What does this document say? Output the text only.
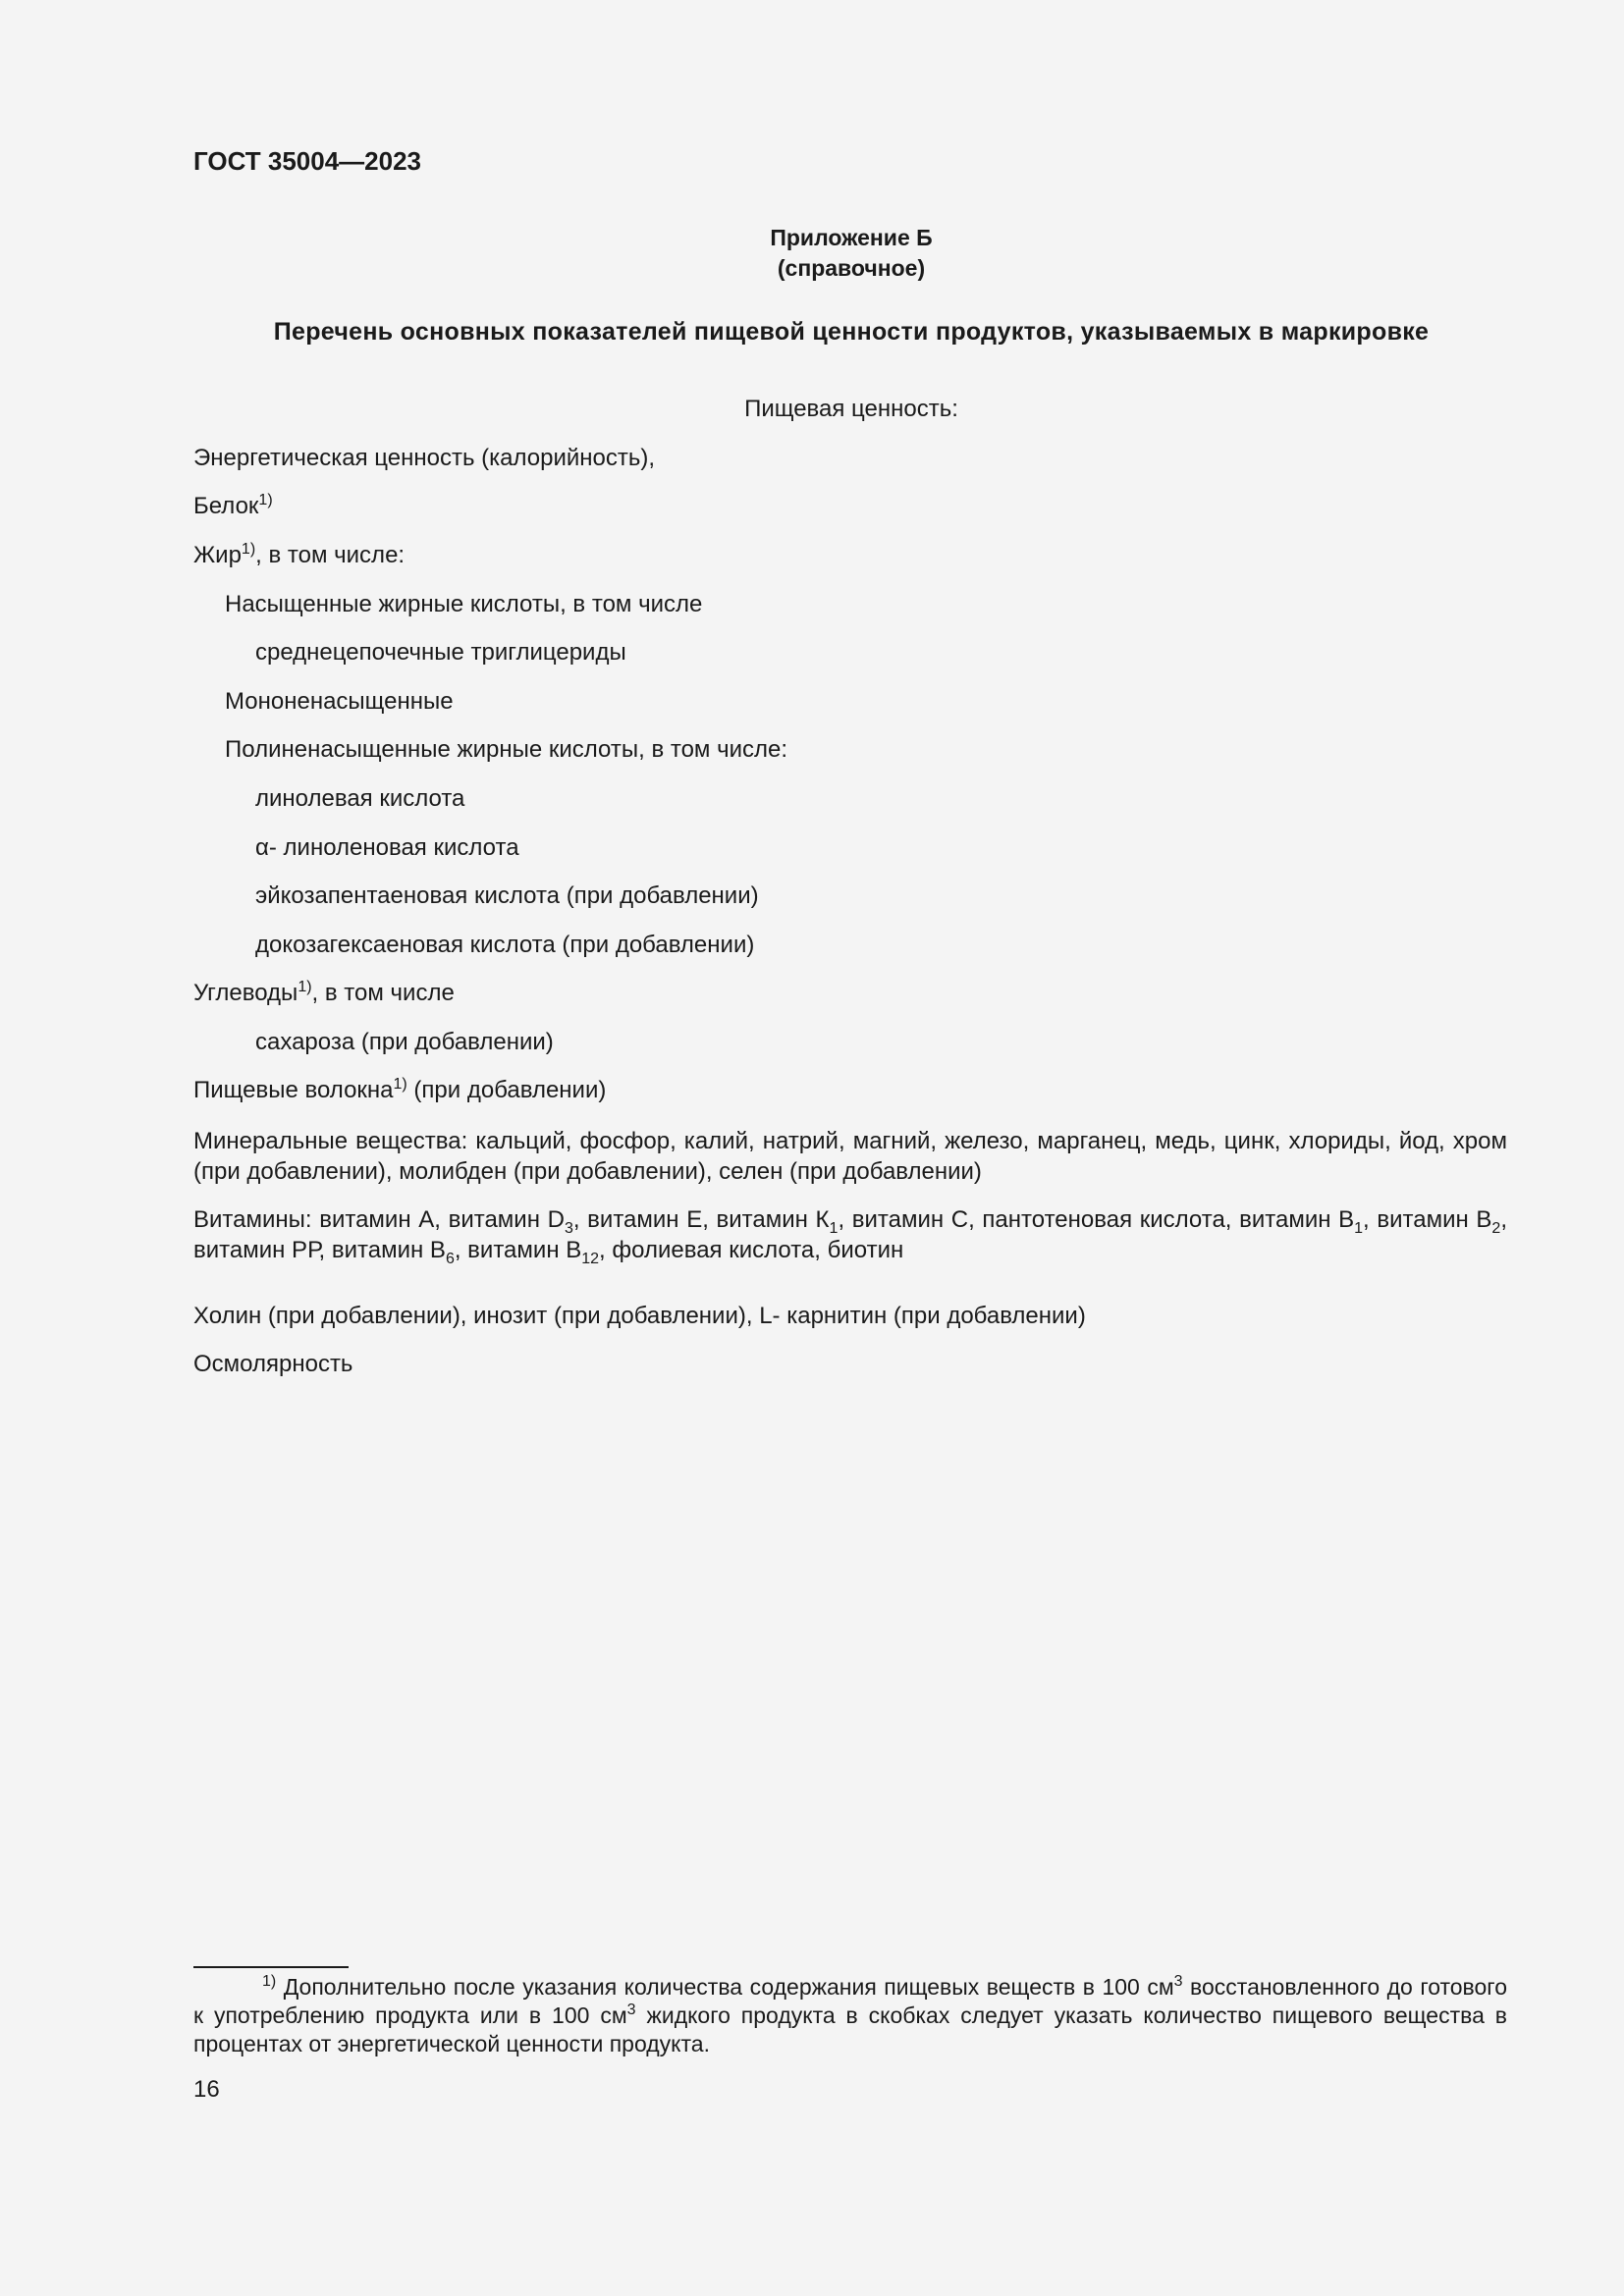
ГОСТ 35004—2023
Приложение Б
(справочное)
Перечень основных показателей пищевой ценности продуктов, указываемых в маркировке
Пищевая ценность:
Энергетическая ценность (калорийность),
Белок$^{1)}$
Жир$^{1)}$, в том числе:
Насыщенные жирные кислоты, в том числе
среднецепочечные триглицериды
Мононенасыщенные
Полиненасыщенные жирные кислоты, в том числе:
линолевая кислота
α- линоленовая кислота
эйкозапентаеновая кислота (при добавлении)
докозагексаеновая кислота (при добавлении)
Углеводы$^{1)}$, в том числе
сахароза (при добавлении)
Пищевые волокна$^{1)}$ (при добавлении)
Минеральные вещества: кальций, фосфор, калий, натрий, магний, железо, марганец, медь, цинк, хлориды, йод, хром (при добавлении), молибден (при добавлении), селен (при добавлении)
Витамины: витамин A, витамин $D_3$, витамин E, витамин $К_1$, витамин С, пантотеновая кислота, витамин $В_1$, витамин $В_2$, витамин РР, витамин $В_6$, витамин $В_{12}$, фолиевая кислота, биотин
Холин (при добавлении), инозит (при добавлении), L- карнитин (при добавлении)
Осмолярность
$^{1)}$ Дополнительно после указания количества содержания пищевых веществ в 100 $см^3$ восстановленного до готового к употреблению продукта или в 100 $см^3$ жидкого продукта в скобках следует указать количество пищевого вещества в процентах от энергетической ценности продукта.
16
